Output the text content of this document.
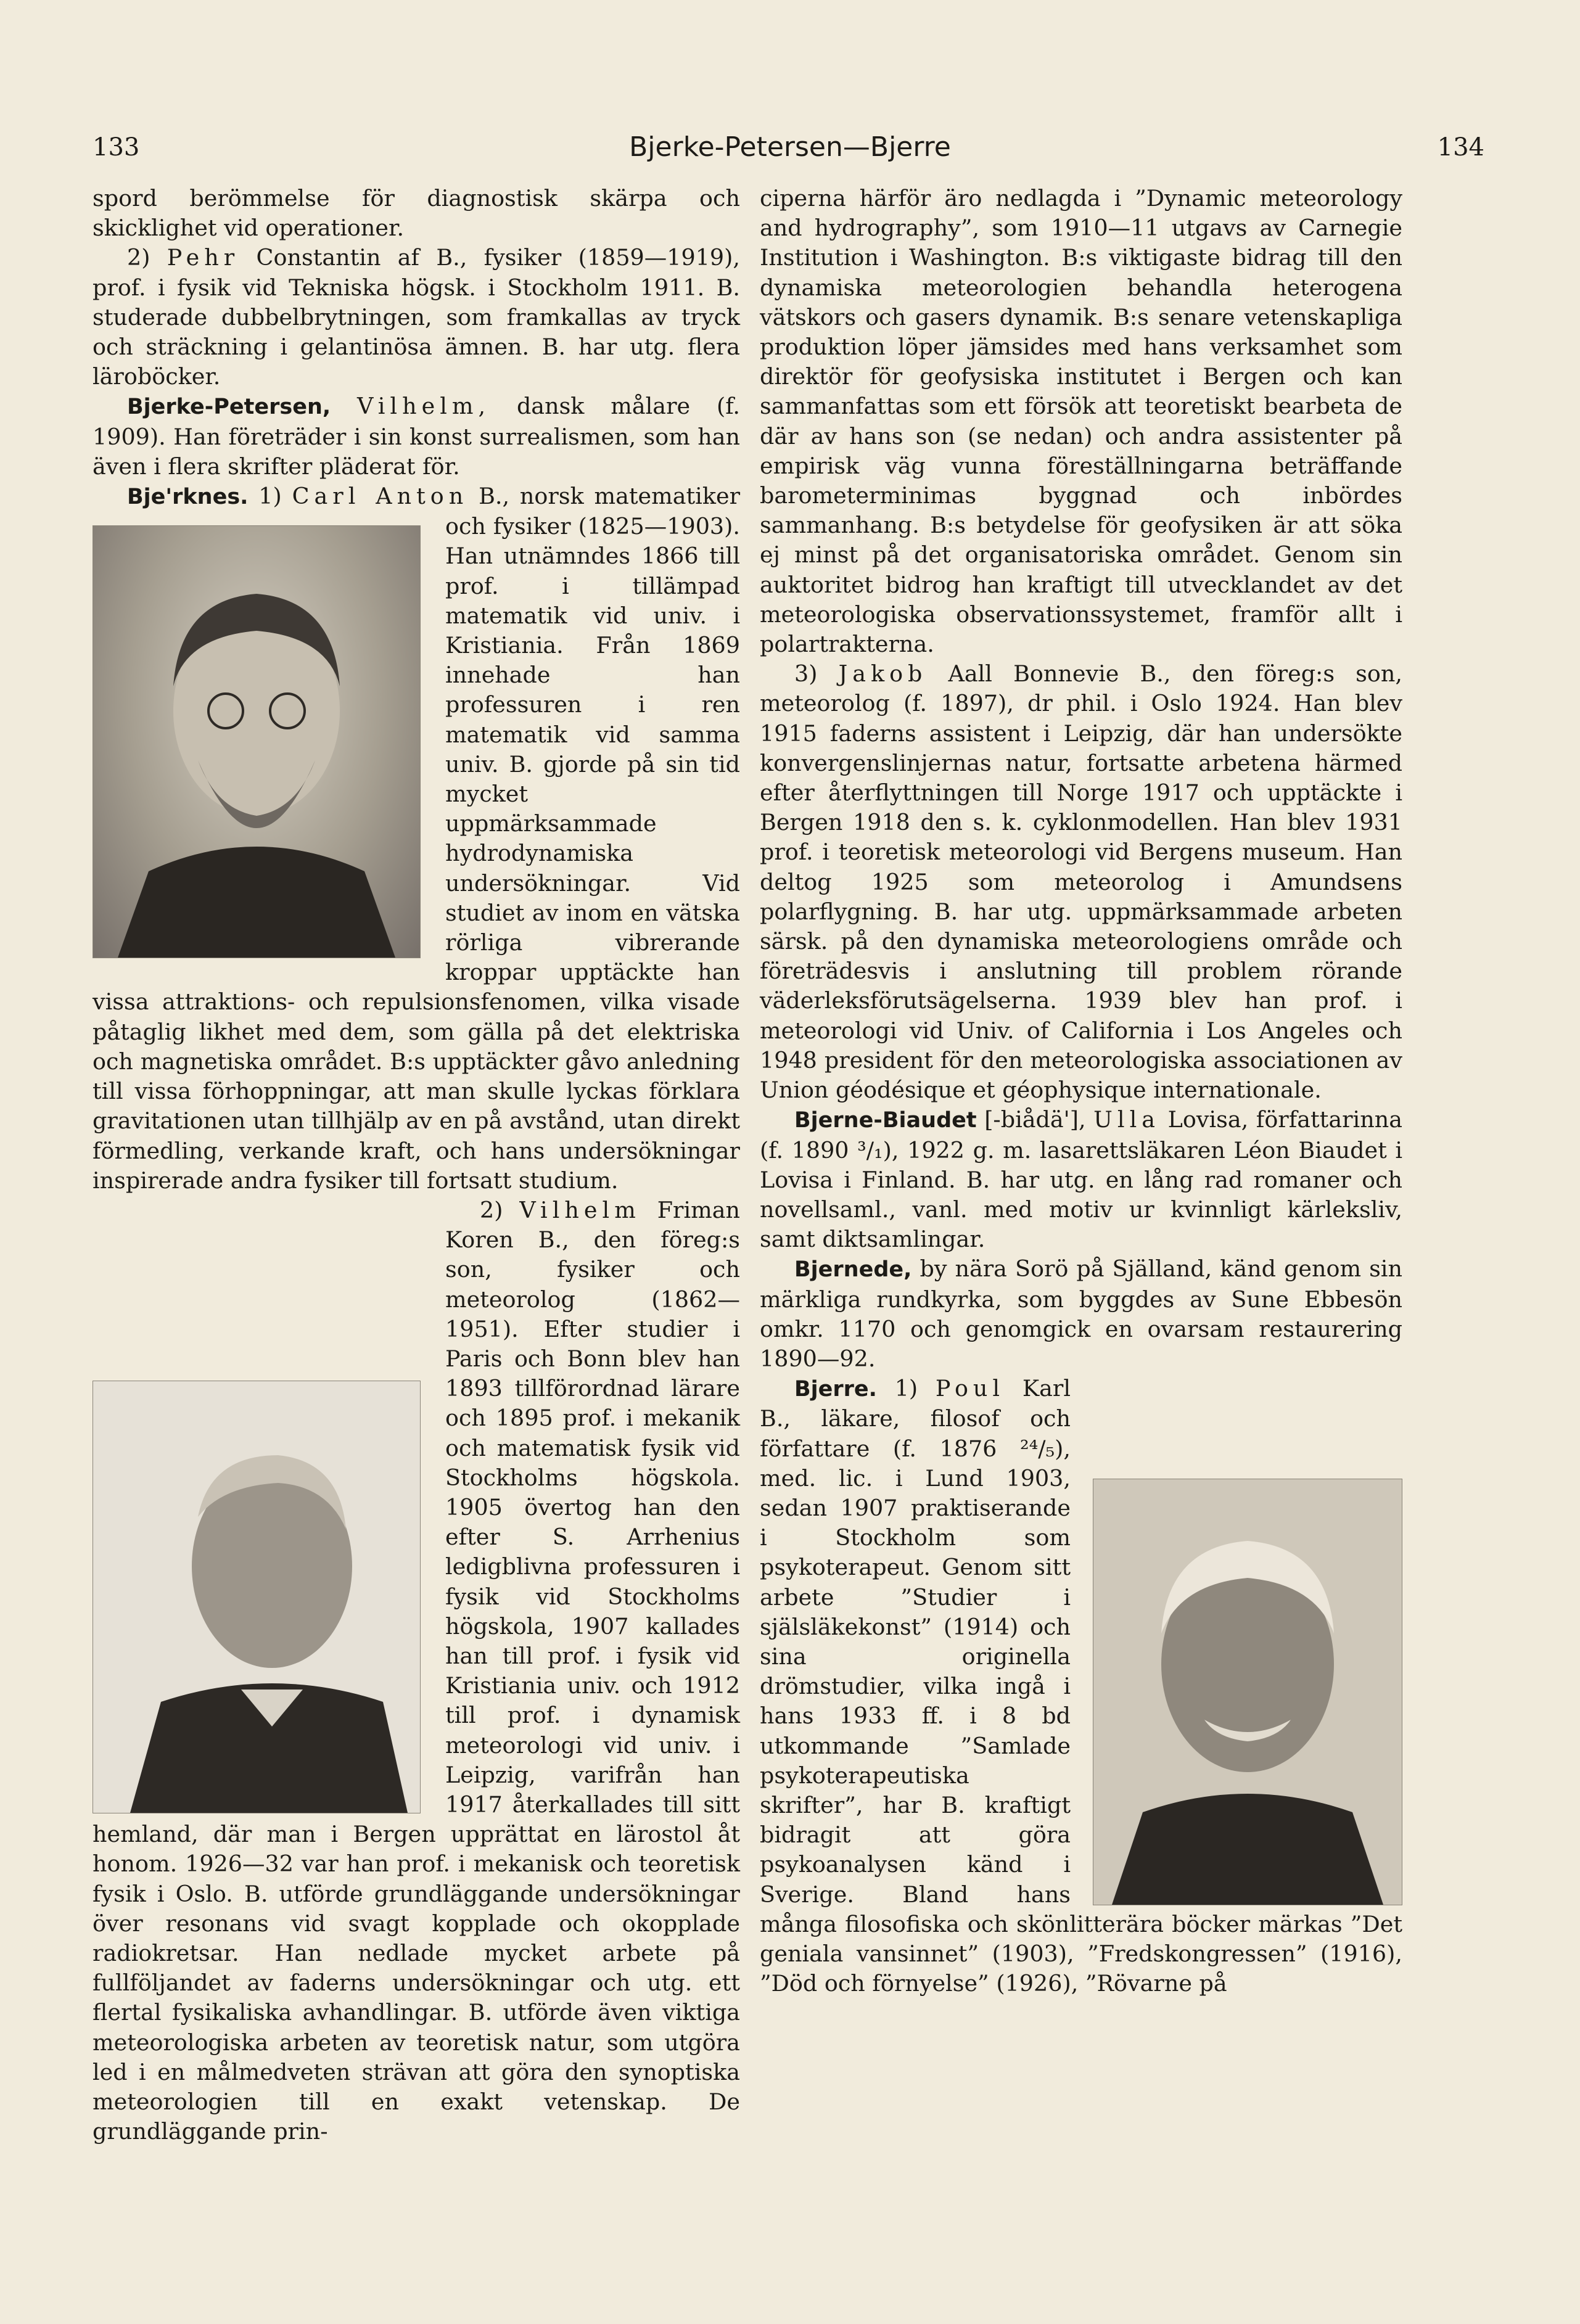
133	Bjerke-Petersen—Bjerre	134

spord berömmelse för diagnostisk skärpa och skicklighet vid operationer.

2) Pehr Constantin af B., fysiker (1859—1919), prof. i fysik vid Tekniska högsk. i Stockholm 1911. B. studerade dubbelbrytningen, som framkallas av tryck och sträckning i gelantinösa ämnen. B. har utg. flera läroböcker.

Bjerke-Petersen, Vilhelm, dansk målare (f. 1909). Han företräder i sin konst surrealismen, som han även i flera skrifter pläderat för.

Bje'rknes. 1) Carl Anton B., norsk matematiker och fysiker (1825—1903). Han utnämndes 1866 till prof. i tillämpad matematik vid univ. i Kristiania. Från 1869 innehade han professuren i ren matematik vid samma univ. B. gjorde på sin tid mycket uppmärksammade hydrodynamiska undersökningar. Vid studiet av inom en vätska rörliga vibrerande kroppar upptäckte han vissa attraktions- och repulsionsfenomen, vilka visade påtaglig likhet med dem, som gälla på det elektriska och magnetiska området. B:s upptäckter gåvo anledning till vissa förhoppningar, att man skulle lyckas förklara gravitationen utan tillhjälp av en på avstånd, utan direkt förmedling, verkande kraft, och hans undersökningar inspirerade andra fysiker till fortsatt studium.

2) Vilhelm Friman Koren B., den föreg:s son, fysiker och meteorolog (1862—1951). Efter studier i Paris och Bonn blev han 1893 tillförordnad lärare och 1895 prof. i mekanik och matematisk fysik vid Stockholms högskola. 1905 övertog han den efter S. Arrhenius ledigblivna professuren i fysik vid Stockholms högskola, 1907 kallades han till prof. i fysik vid Kristiania univ. och 1912 till prof. i dynamisk meteorologi vid univ. i Leipzig, varifrån han 1917 återkallades till sitt hemland, där man i Bergen upprättat en lärostol åt honom. 1926—32 var han prof. i mekanisk och teoretisk fysik i Oslo. B. utförde grundläggande undersökningar över resonans vid svagt kopplade och okopplade radiokretsar. Han nedlade mycket arbete på fullföljandet av faderns undersökningar och utg. ett flertal fysikaliska avhandlingar. B. utförde även viktiga meteorologiska arbeten av teoretisk natur, som utgöra led i en målmedveten strävan att göra den synoptiska meteorologien till en exakt vetenskap. De grundläggande prin-

ciperna härför äro nedlagda i ”Dynamic meteorology and hydrography”, som 1910—11 utgavs av Carnegie Institution i Washington. B:s viktigaste bidrag till den dynamiska meteorologien behandla heterogena vätskors och gasers dynamik. B:s senare vetenskapliga produktion löper jämsides med hans verksamhet som direktör för geofysiska institutet i Bergen och kan sammanfattas som ett försök att teoretiskt bearbeta de där av hans son (se nedan) och andra assistenter på empirisk väg vunna föreställningarna beträffande barometerminimas byggnad och inbördes sammanhang. B:s betydelse för geofysiken är att söka ej minst på det organisatoriska området. Genom sin auktoritet bidrog han kraftigt till utvecklandet av det meteorologiska observationssystemet, framför allt i polartrakterna.

3) Jakob Aall Bonnevie B., den föreg:s son, meteorolog (f. 1897), dr phil. i Oslo 1924. Han blev 1915 faderns assistent i Leipzig, där han undersökte konvergenslinjernas natur, fortsatte arbetena härmed efter återflyttningen till Norge 1917 och upptäckte i Bergen 1918 den s. k. cyklonmodellen. Han blev 1931 prof. i teoretisk meteorologi vid Bergens museum. Han deltog 1925 som meteorolog i Amundsens polarflygning. B. har utg. uppmärksammade arbeten särsk. på den dynamiska meteorologiens område och företrädesvis i anslutning till problem rörande väderleksförutsägelserna. 1939 blev han prof. i meteorologi vid Univ. of California i Los Angeles och 1948 president för den meteorologiska associationen av Union géodésique et géophysique internationale.

Bjerne-Biaudet [-biådä'], Ulla Lovisa, författarinna (f. 1890 ³/₁), 1922 g. m. lasarettsläkaren Léon Biaudet i Lovisa i Finland. B. har utg. en lång rad romaner och novellsaml., vanl. med motiv ur kvinnligt kärleksliv, samt diktsamlingar.

Bjernede, by nära Sorö på Själland, känd genom sin märkliga rundkyrka, som byggdes av Sune Ebbesön omkr. 1170 och genomgick en ovarsam restaurering 1890—92.

Bjerre. 1) Poul Karl B., läkare, filosof och författare (f. 1876 ²⁴/₅), med. lic. i Lund 1903, sedan 1907 praktiserande i Stockholm som psykoterapeut. Genom sitt arbete ”Studier i själsläkekonst” (1914) och sina originella drömstudier, vilka ingå i hans 1933 ff. i 8 bd utkommande ”Samlade psykoterapeutiska skrifter”, har B. kraftigt bidragit att göra psykoanalysen känd i Sverige. Bland hans många filosofiska och skönlitterära böcker märkas ”Det geniala vansinnet” (1903), ”Fredskongressen” (1916), ”Död och förnyelse” (1926), ”Rövarne på
